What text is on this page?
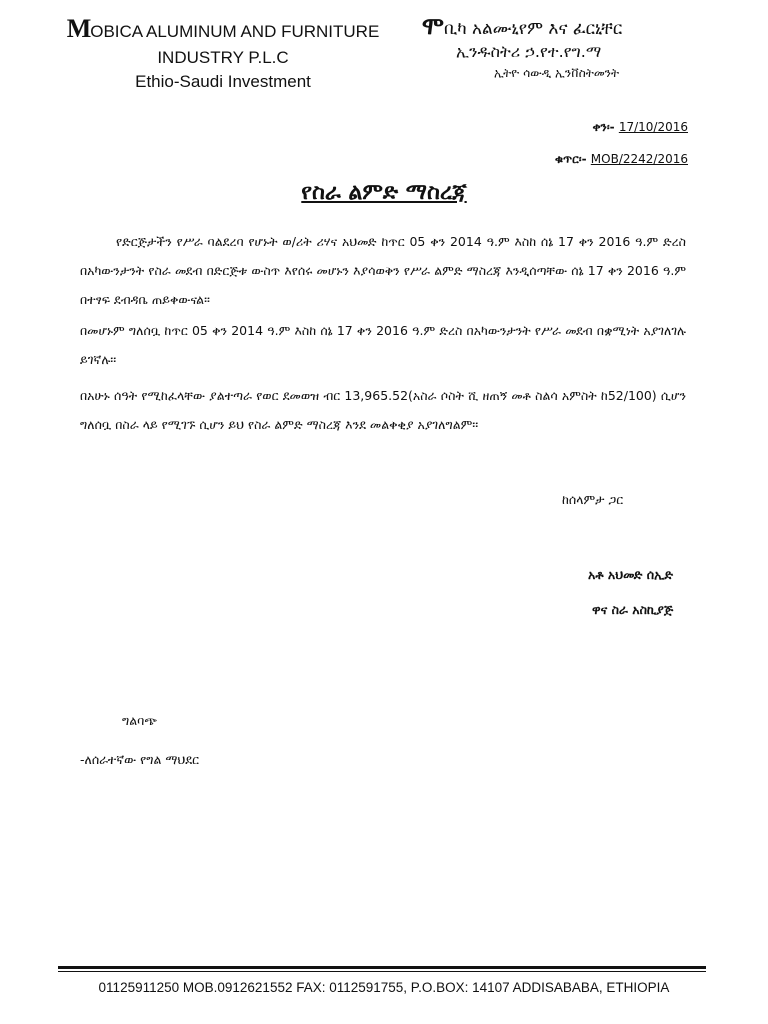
MOBICA ALUMINUM AND FURNITURE
INDUSTRY P.L.C
Ethio-Saudi Investment
ሞቢካ አልሙኒየም እና ፈርኒቸር
ኢንዱስትሪ ኃ.የተ.የግ.ማ
ኢትዮ ሳውዲ ኢንቨስትመንት
ቀን፡- 17/10/2016
ቁጥር፡- MOB/2242/2016
የስራ ልምድ ማስረጃ
የድርጅታችን የሥራ ባልደረባ የሆኑት ወ/ሪት ሪሃና አህመድ ከጥር 05 ቀን 2014 ዓ.ም እስከ ሰኔ 17 ቀን 2016 ዓ.ም ድረስ በአካውንታንት የስራ መደብ በድርጅቱ ውስጥ እየሰሩ መሆኑን እያሳወቅን የሥራ ልምድ ማስረጃ እንዲሰጣቸው ሰኔ 17 ቀን 2016 ዓ.ም በተፃፍ ደብዳቤ ጠይቀውናል፡፡
በመሆኑም ግለሰቧ ከጥር 05 ቀን 2014 ዓ.ም እስከ ሰኔ 17 ቀን 2016 ዓ.ም ድረስ በአካውንታንት የሥራ መደብ በቋሚነት አያገለገሉ ይገኛሉ፡፡
በአሁኑ ሰዓት የሚከፈላቸው ያልተጣራ የወር ደመወዝ ብር 13,965.52(አስራ ሶስት ሺ ዘጠኝ መቶ ስልሳ አምስት ከ52/100) ሲሆን ግለሰቧ በስራ ላይ የሚገኙ ሲሆን ይህ የስራ ልምድ ማስረጃ እንደ መልቀቂያ አያገለግልም፡፡
ከሰላምታ ጋር
አቶ አህመድ ሰኢድ
ዋና ስራ አስኪያጅ
ግልባጭ
-ለሰራተኛው የግል ማህደር
01125911250 MOB.0912621552 FAX: 0112591755, P.O.BOX: 14107 ADDISABABA, ETHIOPIA
